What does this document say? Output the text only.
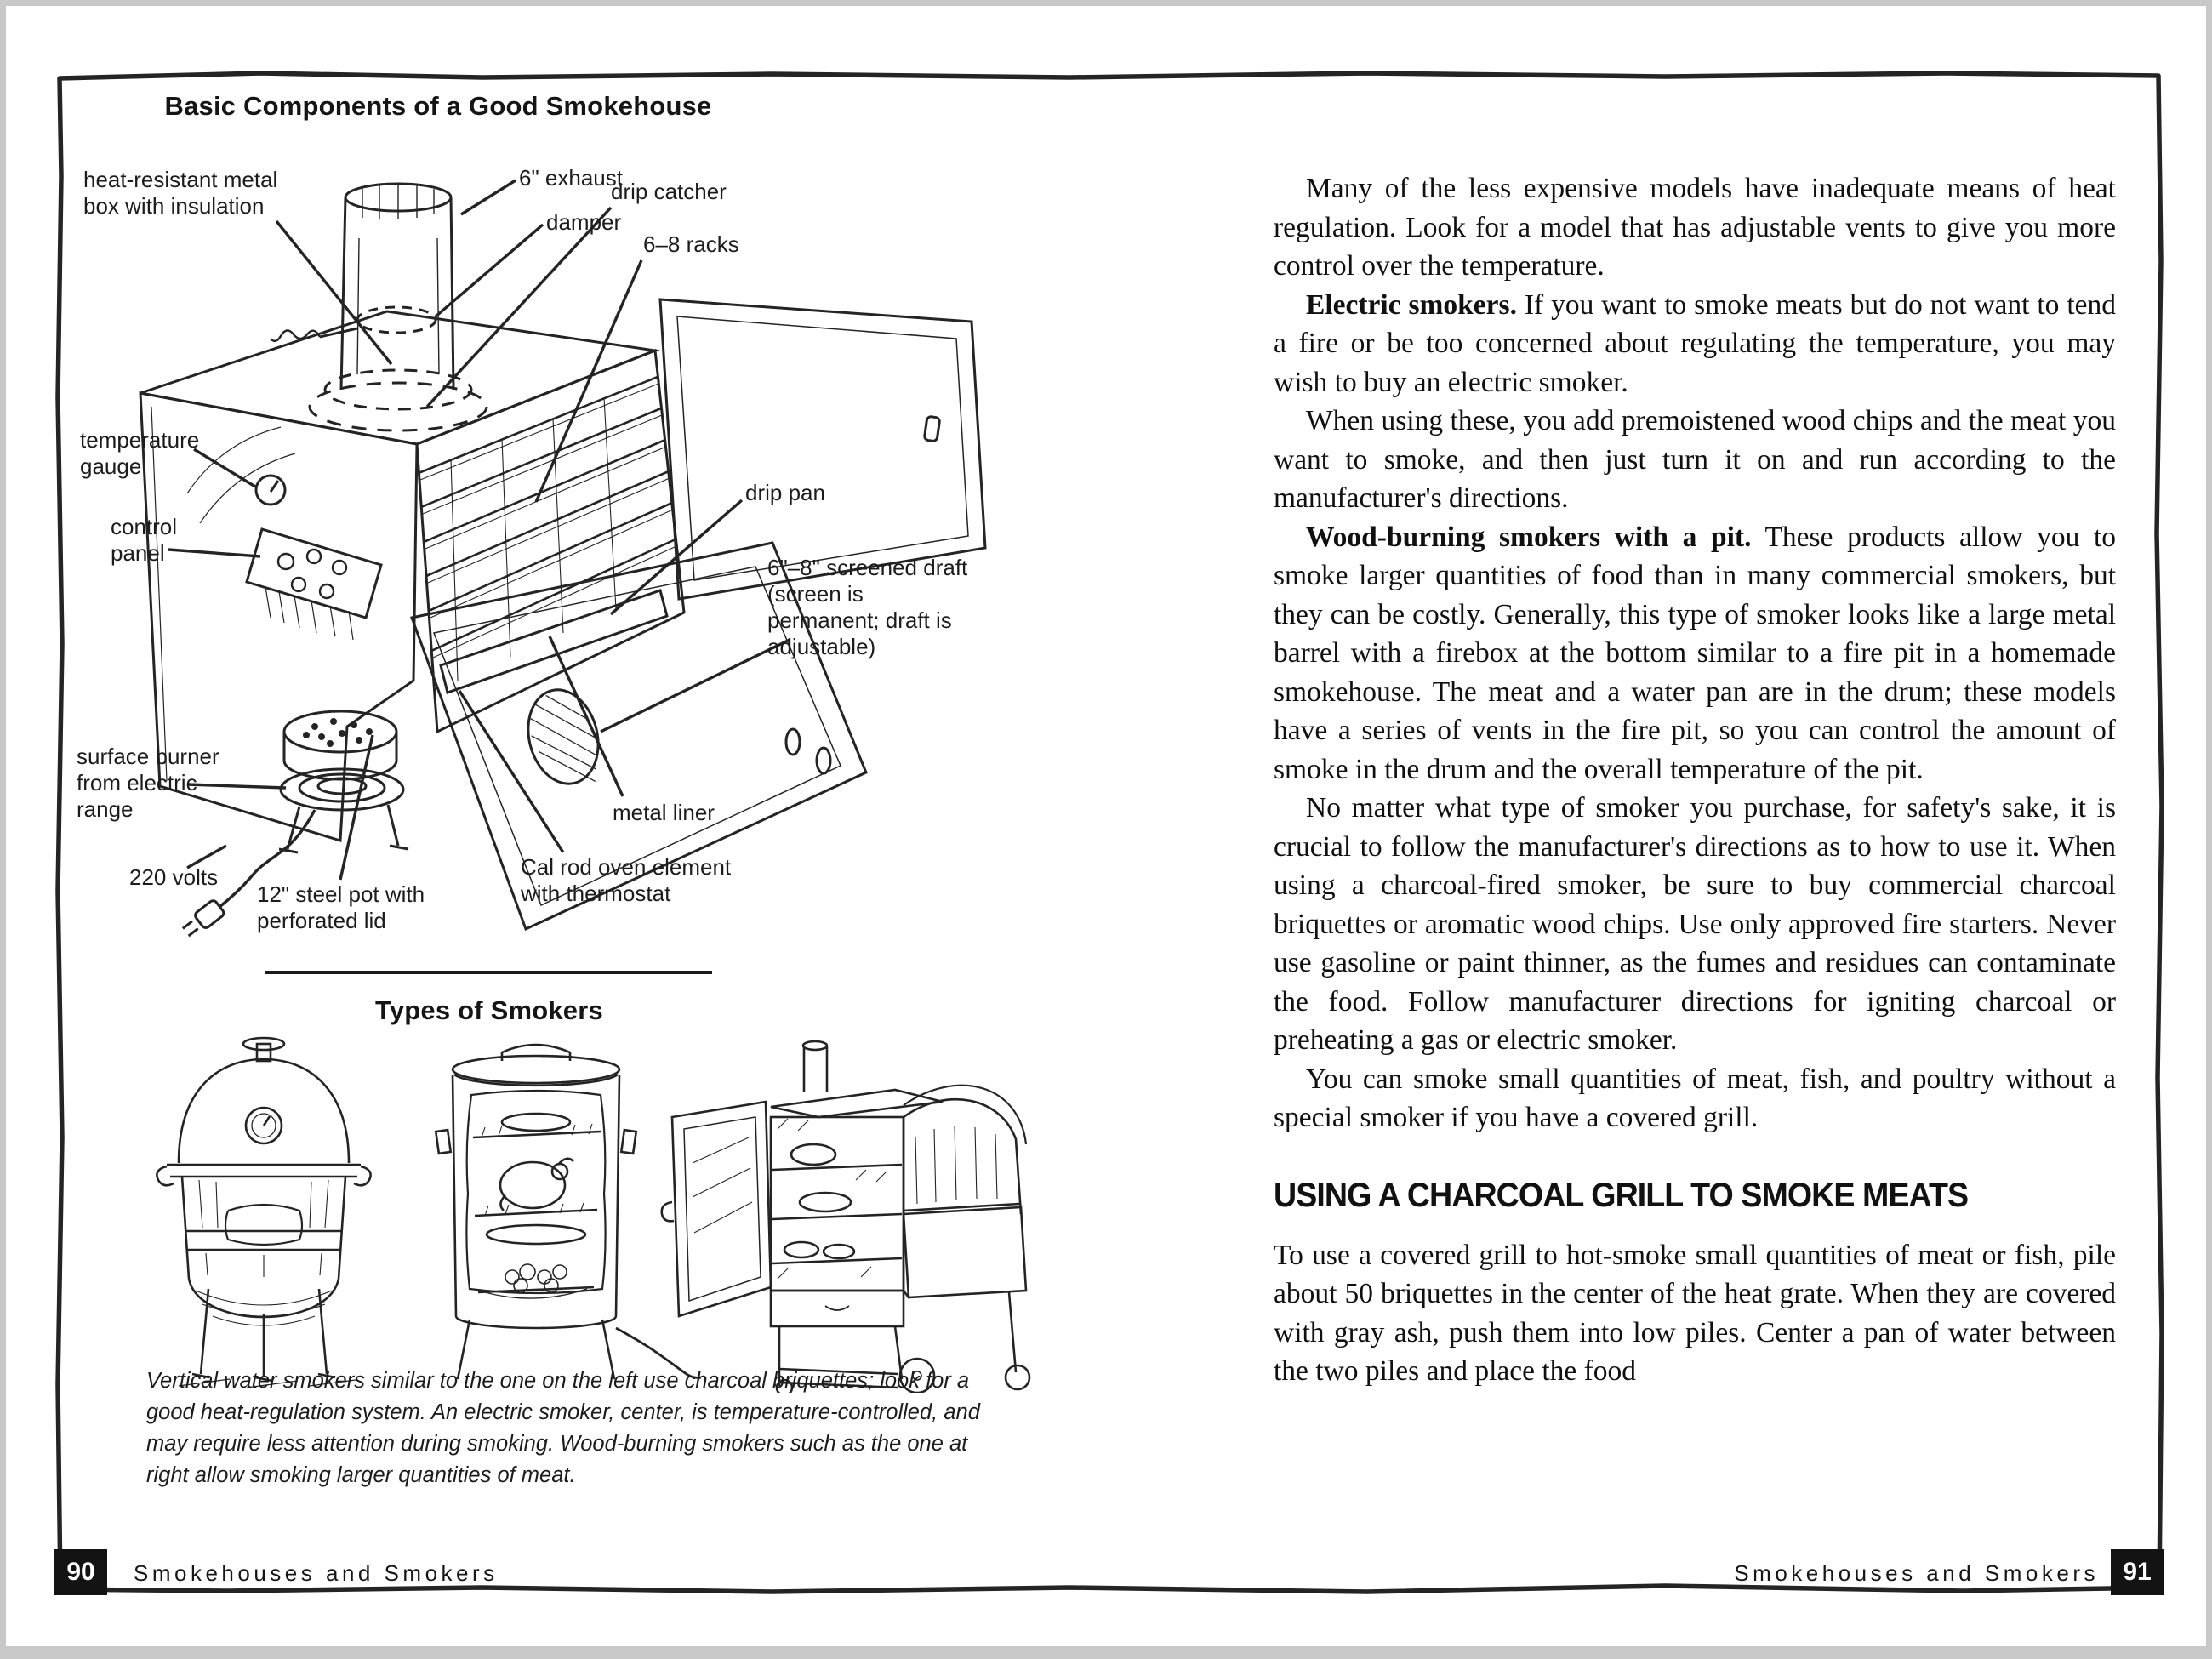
Basic Components of a Good Smokehouse
heat-resistant metal box with insulation
6" exhaust
damper
drip catcher
6–8 racks
drip pan
temperature gauge
control panel
6"–8" screened draft (screen is permanent; draft is adjustable)
surface burner from electric range
220 volts
12" steel pot with perforated lid
Cal rod oven element with thermostat
metal liner
Types of Smokers
Vertical water smokers similar to the one on the left use charcoal briquettes; look for a good heat-regulation system. An electric smoker, center, is temperature-controlled, and may require less attention during smoking. Wood-burning smokers such as the one at right allow smoking larger quantities of meat.
90	Smokehouses and Smokers

Many of the less expensive models have inadequate means of heat regulation. Look for a model that has adjustable vents to give you more control over the temperature.

Electric smokers. If you want to smoke meats but do not want to tend a fire or be too concerned about regulating the temperature, you may wish to buy an electric smoker.

When using these, you add premoistened wood chips and the meat you want to smoke, and then just turn it on and run according to the manufacturer's directions.

Wood-burning smokers with a pit. These products allow you to smoke larger quantities of food than in many commercial smokers, but they can be costly. Generally, this type of smoker looks like a large metal barrel with a firebox at the bottom similar to a fire pit in a homemade smokehouse. The meat and a water pan are in the drum; these models have a series of vents in the fire pit, so you can control the amount of smoke in the drum and the overall temperature of the pit.

No matter what type of smoker you purchase, for safety's sake, it is crucial to follow the manufacturer's directions as to how to use it. When using a charcoal-fired smoker, be sure to buy commercial charcoal briquettes or aromatic wood chips. Use only approved fire starters. Never use gasoline or paint thinner, as the fumes and residues can contaminate the food. Follow manufacturer directions for igniting charcoal or preheating a gas or electric smoker.

You can smoke small quantities of meat, fish, and poultry without a special smoker if you have a covered grill.

USING A CHARCOAL GRILL TO SMOKE MEATS

To use a covered grill to hot-smoke small quantities of meat or fish, pile about 50 briquettes in the center of the heat grate. When they are covered with gray ash, push them into low piles. Center a pan of water between the two piles and place the food

Smokehouses and Smokers 91
